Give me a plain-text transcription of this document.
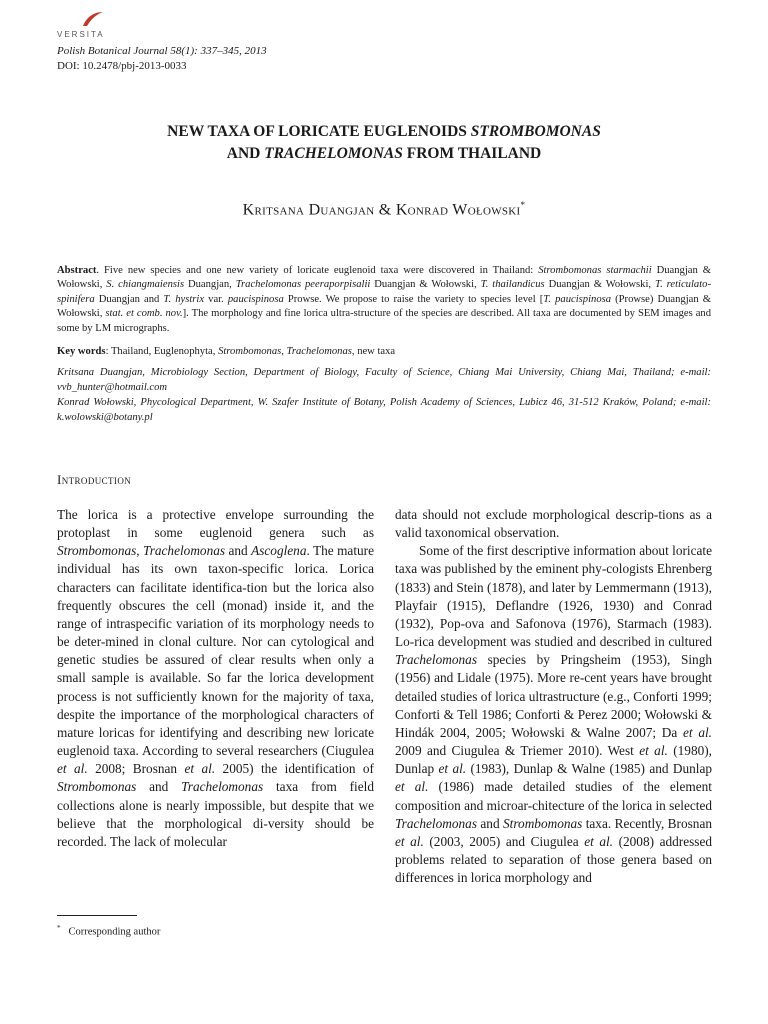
VERSITA
Polish Botanical Journal 58(1): 337–345, 2013
DOI: 10.2478/pbj-2013-0033
NEW TAXA OF LORICATE EUGLENOIDS STROMBOMONAS
AND TRACHELOMONAS FROM THAILAND
Kritsana Duangjan & Konrad Wołowski*

Abstract. Five new species and one new variety of loricate euglenoid taxa were discovered in Thailand: Strombomonas starmachii Duangjan & Wołowski, S. chiangmaiensis Duangjan, Trachelomonas peeraporpisalii Duangjan & Wołowski, T. thailandicus Duangjan & Wołowski, T. reticulato-spinifera Duangjan and T. hystrix var. paucispinosa Prowse. We propose to raise the variety to species level [T. paucispinosa (Prowse) Duangjan & Wołowski, stat. et comb. nov.]. The morphology and fine lorica ultra-structure of the species are described. All taxa are documented by SEM images and some by LM micrographs.

Key words: Thailand, Euglenophyta, Strombomonas, Trachelomonas, new taxa

Kritsana Duangjan, Microbiology Section, Department of Biology, Faculty of Science, Chiang Mai University, Chiang Mai, Thailand; e-mail: vvb_hunter@hotmail.com

Konrad Wołowski, Phycological Department, W. Szafer Institute of Botany, Polish Academy of Sciences, Lubicz 46, 31-512 Kraków, Poland; e-mail: k.wolowski@botany.pl

Introduction

The lorica is a protective envelope surrounding the protoplast in some euglenoid genera such as Strombomonas, Trachelomonas and Ascoglena. The mature individual has its own taxon-specific lorica. Lorica characters can facilitate identifica-tion but the lorica also frequently obscures the cell (monad) inside it, and the range of intraspecific variation of its morphology needs to be deter-mined in clonal culture. Nor can cytological and genetic studies be assured of clear results when only a small sample is available. So far the lorica development process is not sufficiently known for the majority of taxa, despite the importance of the morphological characters of mature loricas for identifying and describing new loricate euglenoid taxa. According to several researchers (Ciugulea et al. 2008; Brosnan et al. 2005) the identification of Strombomonas and Trachelomonas taxa from field collections alone is nearly impossible, but despite that we believe that the morphological di-versity should be recorded. The lack of molecular

data should not exclude morphological descrip-tions as a valid taxonomical observation.
Some of the first descriptive information about loricate taxa was published by the eminent phy-cologists Ehrenberg (1833) and Stein (1878), and later by Lemmermann (1913), Playfair (1915), Deflandre (1926, 1930) and Conrad (1932), Pop-ova and Safonova (1976), Starmach (1983). Lo-rica development was studied and described in cultured Trachelomonas species by Pringsheim (1953), Singh (1956) and Lidale (1975). More re-cent years have brought detailed studies of lorica ultrastructure (e.g., Conforti 1999; Conforti & Tell 1986; Conforti & Perez 2000; Wołowski & Hindák 2004, 2005; Wołowski & Walne 2007; Da et al. 2009 and Ciugulea & Triemer 2010). West et al. (1980), Dunlap et al. (1983), Dunlap & Walne (1985) and Dunlap et al. (1986) made detailed studies of the element composition and microar-chitecture of the lorica in selected Trachelomonas and Strombomonas taxa. Recently, Brosnan et al. (2003, 2005) and Ciugulea et al. (2008) addressed problems related to separation of those genera based on differences in lorica morphology and
* Corresponding author
